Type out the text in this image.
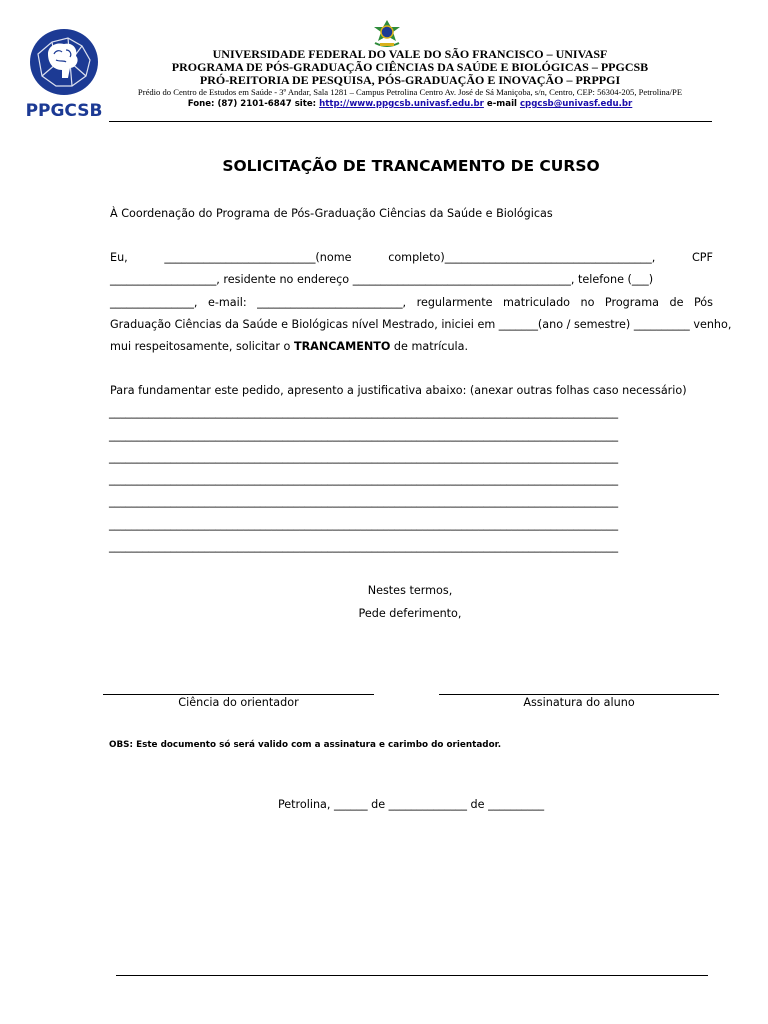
PPGCSB
UNIVERSIDADE FEDERAL DO VALE DO SÃO FRANCISCO – UNIVASF
PROGRAMA DE PÓS-GRADUAÇÃO CIÊNCIAS DA SAÚDE E BIOLÓGICAS – PPGCSB
PRÓ-REITORIA DE PESQUISA, PÓS-GRADUAÇÃO E INOVAÇÃO – PRPPGI
Prédio do Centro de Estudos em Saúde - 3º Andar, Sala 1281 – Campus Petrolina Centro Av. José de Sá Maniçoba, s/n, Centro, CEP: 56304-205, Petrolina/PE
Fone: (87) 2101-6847 site: http://www.ppgcsb.univasf.edu.br e-mail cpgcsb@univasf.edu.br
SOLICITAÇÃO DE TRANCAMENTO DE CURSO
À Coordenação do Programa de Pós-Graduação Ciências da Saúde e Biológicas
Eu,	___________________________(nome	completo)_____________________________________,	CPF
___________________, residente no endereço _______________________________________, telefone (___)
_______________, e-mail: __________________________, regularmente matriculado no Programa de Pós
Graduação Ciências da Saúde e Biológicas nível Mestrado, iniciei em _______(ano / semestre) __________ venho,
mui respeitosamente, solicitar o TRANCAMENTO de matrícula.
Para fundamentar este pedido, apresento a justificativa abaixo: (anexar outras folhas caso necessário)
___________________________________________________________________________________________
___________________________________________________________________________________________
___________________________________________________________________________________________
___________________________________________________________________________________________
___________________________________________________________________________________________
___________________________________________________________________________________________
___________________________________________________________________________________________
Nestes termos,
Pede deferimento,
Ciência do orientador	Assinatura do aluno
OBS: Este documento só será valido com a assinatura e carimbo do orientador.
Petrolina, ______ de ______________ de __________
